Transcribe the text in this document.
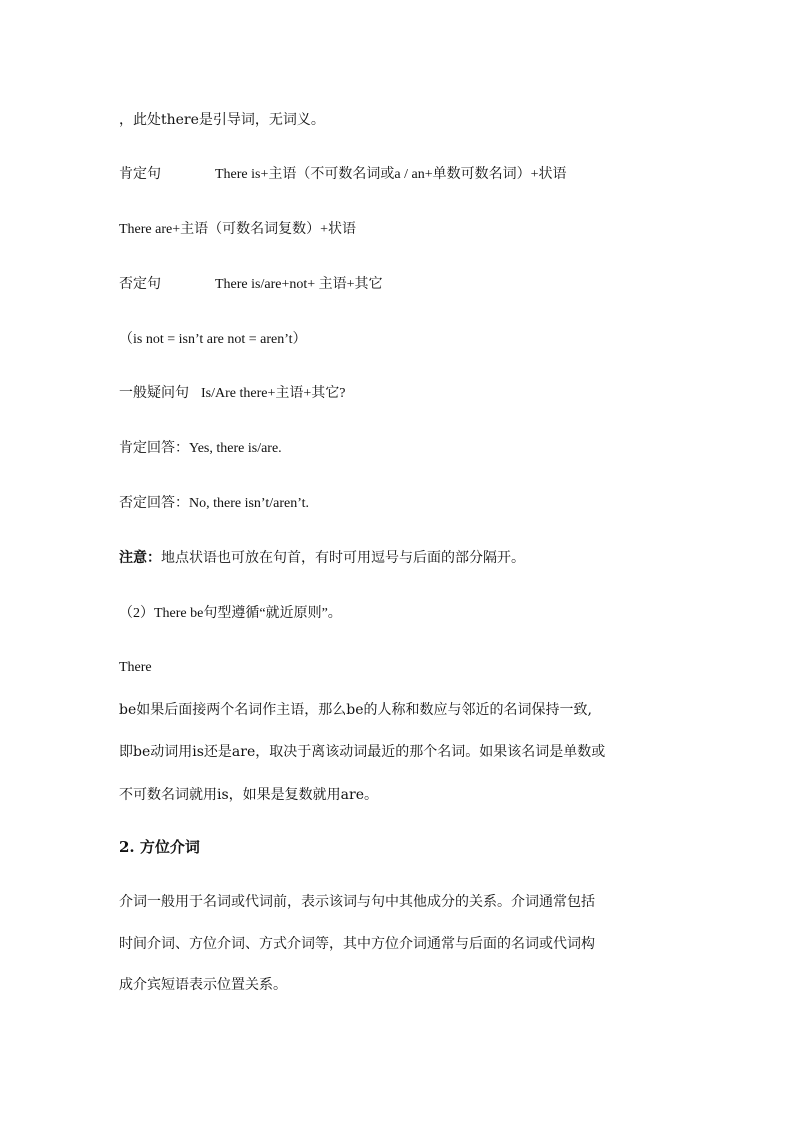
，此处there是引导词，无词义。
肯定句	There is+主语（不可数名词或a / an+单数可数名词）+状语
There are+主语（可数名词复数）+状语
否定句	There is/are+not+ 主语+其它
（is not = isn’t are not = aren’t）
一般疑问句 Is/Are there+主语+其它?
肯定回答：Yes, there is/are.
否定回答：No, there isn’t/aren’t.
注意：地点状语也可放在句首，有时可用逗号与后面的部分隔开。
（2）There be句型遵循“就近原则”。
There
be如果后面接两个名词作主语，那么be的人称和数应与邻近的名词保持一致,
即be动词用is还是are，取决于离该动词最近的那个名词。如果该名词是单数或
不可数名词就用is，如果是复数就用are。
2. 方位介词
介词一般用于名词或代词前，表示该词与句中其他成分的关系。介词通常包括
时间介词、方位介词、方式介词等，其中方位介词通常与后面的名词或代词构
成介宾短语表示位置关系。
